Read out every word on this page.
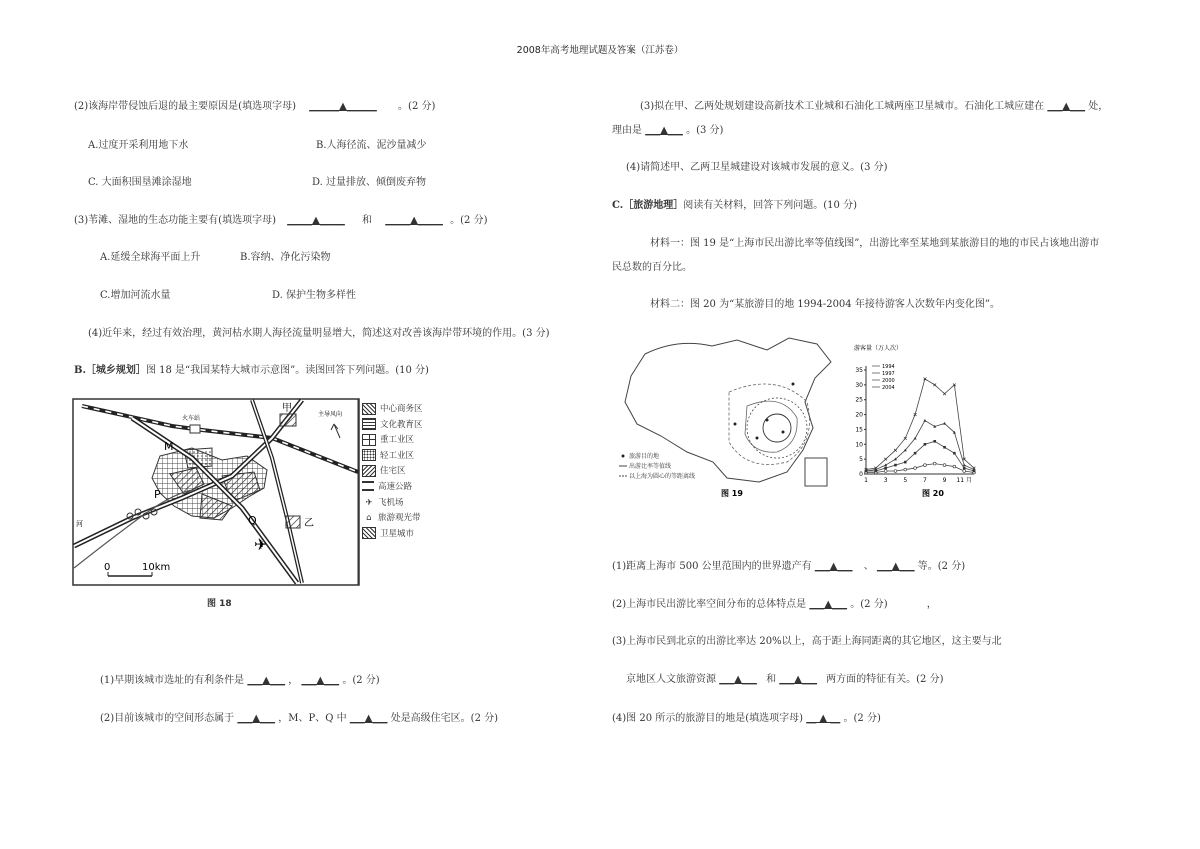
2008年高考地理试题及答案（江苏卷）
(2)该海岸带侵蚀后退的最主要原因是(填选项字母) ______▲______ 。(2 分)
A.过度开采利用地下水	B.人海径流、泥沙量减少
C. 大面积围垦滩涂湿地	D. 过量排放、倾倒废弃物
(3)苇滩、湿地的生态功能主要有(填选项字母) _____▲_____ 和 _____▲_____ 。(2 分)
A.延缓全球海平面上升	B.容纳、净化污染物
C.增加河流水量	D. 保护生物多样性
(4)近年来，经过有效治理，黄河枯水期人海径流量明显增大，简述这对改善该海岸带环境的作用。(3 分)
B.［城乡规划］图 18 是“我国某特大城市示意图”。读图回答下列问题。(10 分)
火车站
甲
乙
M
P
Q
河
主导风向
✈
0	10km
中心商务区
文化教育区
重工业区
轻工业区
住宅区
高速公路
✈ 飞机场
⌂ 旅游观光带
卫星城市
图 18
(1)早期该城市选址的有利条件是 ___▲___ ， ___▲___ 。(2 分)
(2)目前该城市的空间形态属于 ___▲___ ，M、P、Q 中 ___▲___ 处是高级住宅区。(2 分)
(3)拟在甲、乙两处规划建设高新技术工业城和石油化工城两座卫星城市。石油化工城应建在 ___▲___ 处，
理由是 ___▲___ 。(3 分)
(4)请简述甲、乙两卫星城建设对该城市发展的意义。(3 分)
C.［旅游地理］阅读有关材料，回答下列问题。(10 分)
材料一：图 19 是“上海市民出游比率等值线图”，出游比率至某地到某旅游目的地的市民占该地出游市
民总数的百分比。
材料二：图 20 为“某旅游目的地 1994-2004 年接待游客人次数年内变化图”。
旅游目的地
出游比率等值线
以上海为圆心的等距离线
图 19
游客量（万人次）
0
5
10
15
20
25
30
35
1	3	5	7	9 11 月
1994
1997
2000
2004
图 20
(1)距离上海市 500 公里范围内的世界遗产有 ___▲___ 、 ___▲___ 等。(2 分)
(2)上海市民出游比率空间分布的总体特点是 ___▲___ 。(2 分)	，
(3)上海市民到北京的出游比率达 20%以上，高于距上海同距离的其它地区，这主要与北
京地区人文旅游资源 ___▲___ 和 ___▲___ 两方面的特征有关。(2 分)
(4)图 20 所示的旅游目的地是(填选项字母) __ ▲ __ 。(2 分)
